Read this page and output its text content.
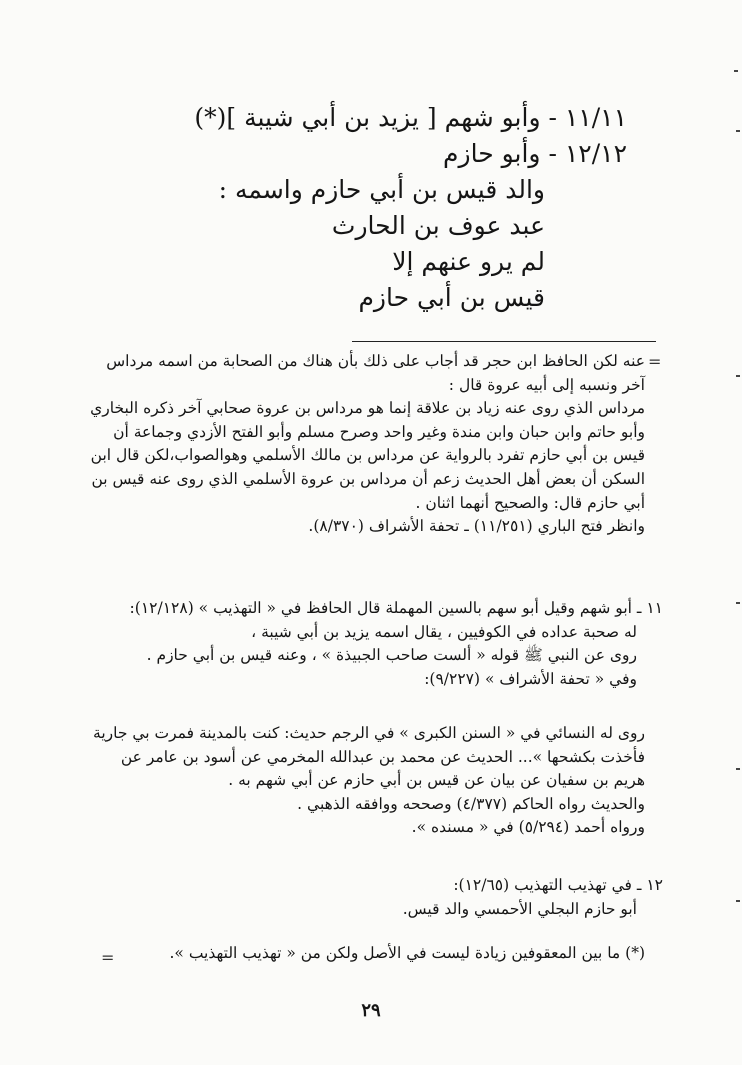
١١/١١ - وأبو شهم [ يزيد بن أبي شيبة ](*)
١٢/١٢ - وأبو حازم
والد قيس بن أبي حازم واسمه :
عبد عوف بن الحارث
لم يرو عنهم إلا
قيس بن أبي حازم
=
عنه لكن الحافظ ابن حجر قد أجاب على ذلك بأن هناك من الصحابة من اسمه مرداس
آخر ونسبه إلى أبيه عروة قال :
مرداس الذي روى عنه زياد بن علاقة إنما هو مرداس بن عروة صحابي آخر ذكره البخاري
وأبو حاتم وابن حبان وابن مندة وغير واحد وصرح مسلم وأبو الفتح الأزدي وجماعة أن
قيس بن أبي حازم تفرد بالرواية عن مرداس بن مالك الأسلمي وهوالصواب،لكن قال ابن
السكن أن بعض أهل الحديث زعم أن مرداس بن عروة الأسلمي الذي روى عنه قيس بن
أبي حازم قال: والصحيح أنهما اثنان .
وانظر فتح الباري (١١/٢٥١) ـ تحفة الأشراف (٨/٣٧٠).
١١ ـ أبو شهم وقيل أبو سهم بالسين المهملة قال الحافظ في « التهذيب » (١٢/١٢٨):
له صحبة عداده في الكوفيين ، يقال اسمه يزيد بن أبي شيبة ،
روى عن النبي ﷺ قوله « ألست صاحب الجبيذة » ، وعنه قيس بن أبي حازم .
وفي « تحفة الأشراف » (٩/٢٢٧):
روى له النسائي في « السنن الكبرى » في الرجم حديث: كنت بالمدينة فمرت بي جارية
فأخذت بكشحها »... الحديث عن محمد بن عبدالله المخرمي عن أسود بن عامر عن
هريم بن سفيان عن بيان عن قيس بن أبي حازم عن أبي شهم به .
والحديث رواه الحاكم (٤/٣٧٧) وصححه ووافقه الذهبي .
ورواه أحمد (٥/٢٩٤) في « مسنده ».
١٢ ـ في تهذيب التهذيب (١٢/٦٥):
أبو حازم البجلي الأحمسي والد قيس.
(*) ما بين المعقوفين زيادة ليست في الأصل ولكن من « تهذيب التهذيب ».
=
٢٩
